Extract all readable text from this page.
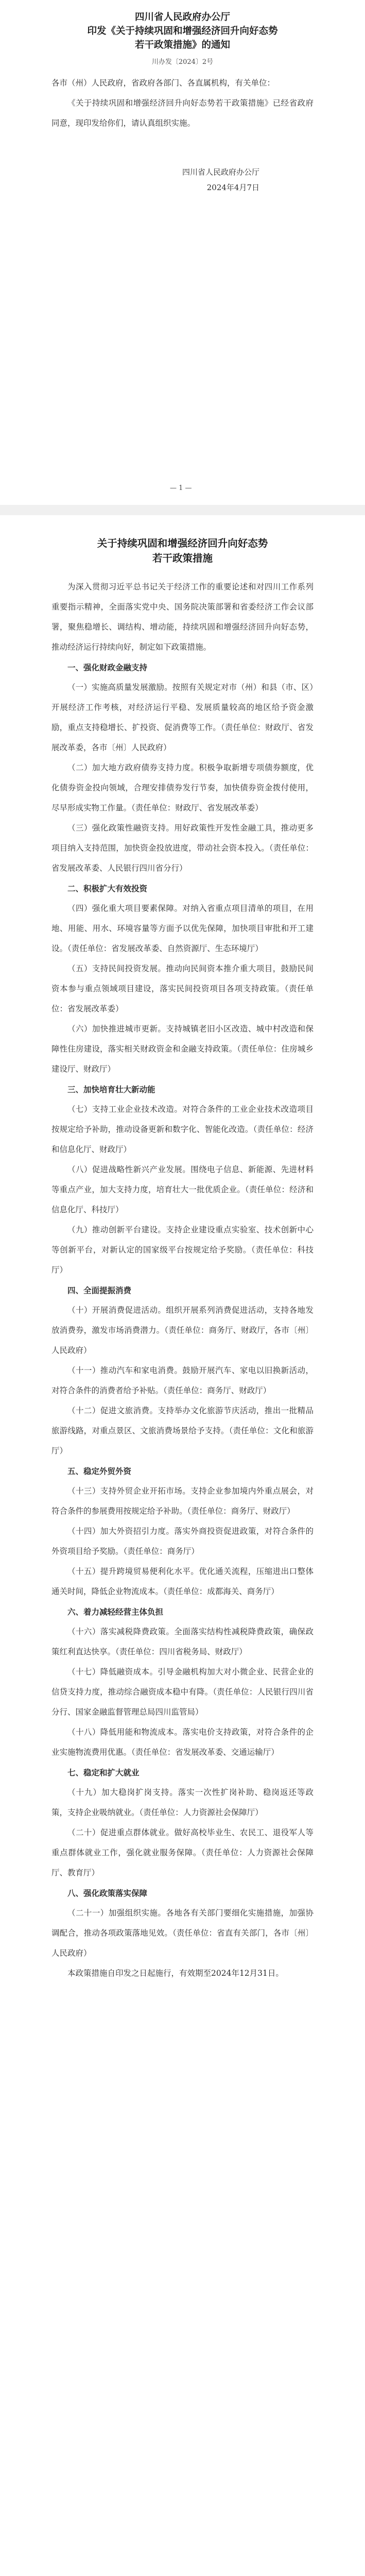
四川省人民政府办公厅
印发《关于持续巩固和增强经济回升向好态势
若干政策措施》的通知
川办发〔2024〕2号

各市（州）人民政府，省政府各部门、各直属机构，有关单位：

《关于持续巩固和增强经济回升向好态势若干政策措施》已经省政府同意，现印发给你们，请认真组织实施。

四川省人民政府办公厅
2024年4月7日
— 1 —
关于持续巩固和增强经济回升向好态势
若干政策措施

为深入贯彻习近平总书记关于经济工作的重要论述和对四川工作系列重要指示精神，全面落实党中央、国务院决策部署和省委经济工作会议部署，聚焦稳增长、调结构、增动能，持续巩固和增强经济回升向好态势，推动经济运行持续向好，制定如下政策措施。

一、强化财政金融支持

（一）实施高质量发展激励。按照有关规定对市（州）和县（市、区）开展经济工作考核，对经济运行平稳、发展质量较高的地区给予资金激励，重点支持稳增长、扩投资、促消费等工作。（责任单位：财政厅、省发展改革委，各市〔州〕人民政府）

（二）加大地方政府债券支持力度。积极争取新增专项债券额度，优化债券资金投向领域，合理安排债券发行节奏，加快债券资金拨付使用，尽早形成实物工作量。（责任单位：财政厅、省发展改革委）

（三）强化政策性融资支持。用好政策性开发性金融工具，推动更多项目纳入支持范围，加快资金投放进度，带动社会资本投入。（责任单位：省发展改革委、人民银行四川省分行）

二、积极扩大有效投资

（四）强化重大项目要素保障。对纳入省重点项目清单的项目，在用地、用能、用水、环境容量等方面予以优先保障，加快项目审批和开工建设。（责任单位：省发展改革委、自然资源厅、生态环境厅）

（五）支持民间投资发展。推动向民间资本推介重大项目，鼓励民间资本参与重点领域项目建设，落实民间投资项目各项支持政策。（责任单位：省发展改革委）

（六）加快推进城市更新。支持城镇老旧小区改造、城中村改造和保障性住房建设，落实相关财政资金和金融支持政策。（责任单位：住房城乡建设厅、财政厅）

三、加快培育壮大新动能

（七）支持工业企业技术改造。对符合条件的工业企业技术改造项目按规定给予补助，推动设备更新和数字化、智能化改造。（责任单位：经济和信息化厅、财政厅）

（八）促进战略性新兴产业发展。围绕电子信息、新能源、先进材料等重点产业，加大支持力度，培育壮大一批优质企业。（责任单位：经济和信息化厅、科技厅）

（九）推动创新平台建设。支持企业建设重点实验室、技术创新中心等创新平台，对新认定的国家级平台按规定给予奖励。（责任单位：科技厅）

四、全面提振消费

（十）开展消费促进活动。组织开展系列消费促进活动，支持各地发放消费券，激发市场消费潜力。（责任单位：商务厅、财政厅，各市〔州〕人民政府）

（十一）推动汽车和家电消费。鼓励开展汽车、家电以旧换新活动，对符合条件的消费者给予补贴。（责任单位：商务厅、财政厅）

（十二）促进文旅消费。支持举办文化旅游节庆活动，推出一批精品旅游线路，对重点景区、文旅消费场景给予支持。（责任单位：文化和旅游厅）

五、稳定外贸外资

（十三）支持外贸企业开拓市场。支持企业参加境内外重点展会，对符合条件的参展费用按规定给予补助。（责任单位：商务厅、财政厅）

（十四）加大外资招引力度。落实外商投资促进政策，对符合条件的外资项目给予奖励。（责任单位：商务厅）

（十五）提升跨境贸易便利化水平。优化通关流程，压缩进出口整体通关时间，降低企业物流成本。（责任单位：成都海关、商务厅）

六、着力减轻经营主体负担

（十六）落实减税降费政策。全面落实结构性减税降费政策，确保政策红利直达快享。（责任单位：四川省税务局、财政厅）

（十七）降低融资成本。引导金融机构加大对小微企业、民营企业的信贷支持力度，推动综合融资成本稳中有降。（责任单位：人民银行四川省分行、国家金融监督管理总局四川监管局）

（十八）降低用能和物流成本。落实电价支持政策，对符合条件的企业实施物流费用优惠。（责任单位：省发展改革委、交通运输厅）

七、稳定和扩大就业

（十九）加大稳岗扩岗支持。落实一次性扩岗补助、稳岗返还等政策，支持企业吸纳就业。（责任单位：人力资源社会保障厅）

（二十）促进重点群体就业。做好高校毕业生、农民工、退役军人等重点群体就业工作，强化就业服务保障。（责任单位：人力资源社会保障厅、教育厅）

八、强化政策落实保障

（二十一）加强组织实施。各地各有关部门要细化实施措施，加强协调配合，推动各项政策落地见效。（责任单位：省直有关部门，各市〔州〕人民政府）

本政策措施自印发之日起施行，有效期至2024年12月31日。
